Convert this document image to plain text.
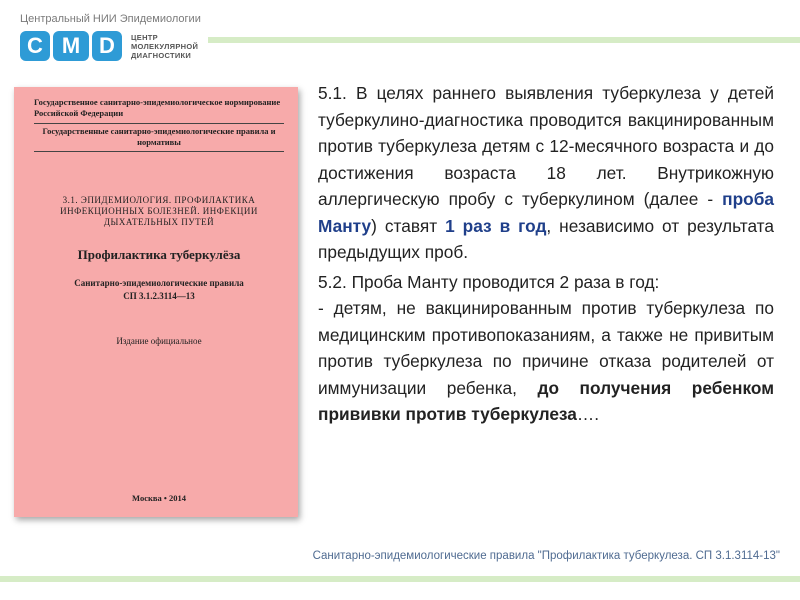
Центральный НИИ Эпидемиологии
C M D	ЦЕНТР
МОЛЕКУЛЯРНОЙ
ДИАГНОСТИКИ
Государственное санитарно-эпидемиологическое нормирование Российской Федерации
Государственные санитарно-эпидемиологические правила и нормативы
3.1. ЭПИДЕМИОЛОГИЯ. ПРОФИЛАКТИКА ИНФЕКЦИОННЫХ БОЛЕЗНЕЙ. ИНФЕКЦИИ ДЫХАТЕЛЬНЫХ ПУТЕЙ
Профилактика туберкулёза
Санитарно-эпидемиологические правила
СП 3.1.2.3114—13
Издание официальное
Москва • 2014

5.1. В целях раннего выявления туберкулеза у детей туберкулино-диагностика проводится вакцинированным против туберкулеза детям с 12-месячного возраста и до достижения возраста 18 лет. Внутрикожную аллергическую пробу с туберкулином (далее - проба Манту) ставят 1 раз в год, независимо от результата предыдущих проб.

5.2. Проба Манту проводится 2 раза в год:
- детям, не вакцинированным против туберкулеза по медицинским противопоказаниям, а также не привитым против туберкулеза по причине отказа родителей от иммунизации ребенка, до получения ребенком прививки против туберкулеза….

Санитарно-эпидемиологические правила "Профилактика туберкулеза. СП 3.1.3114-13"
